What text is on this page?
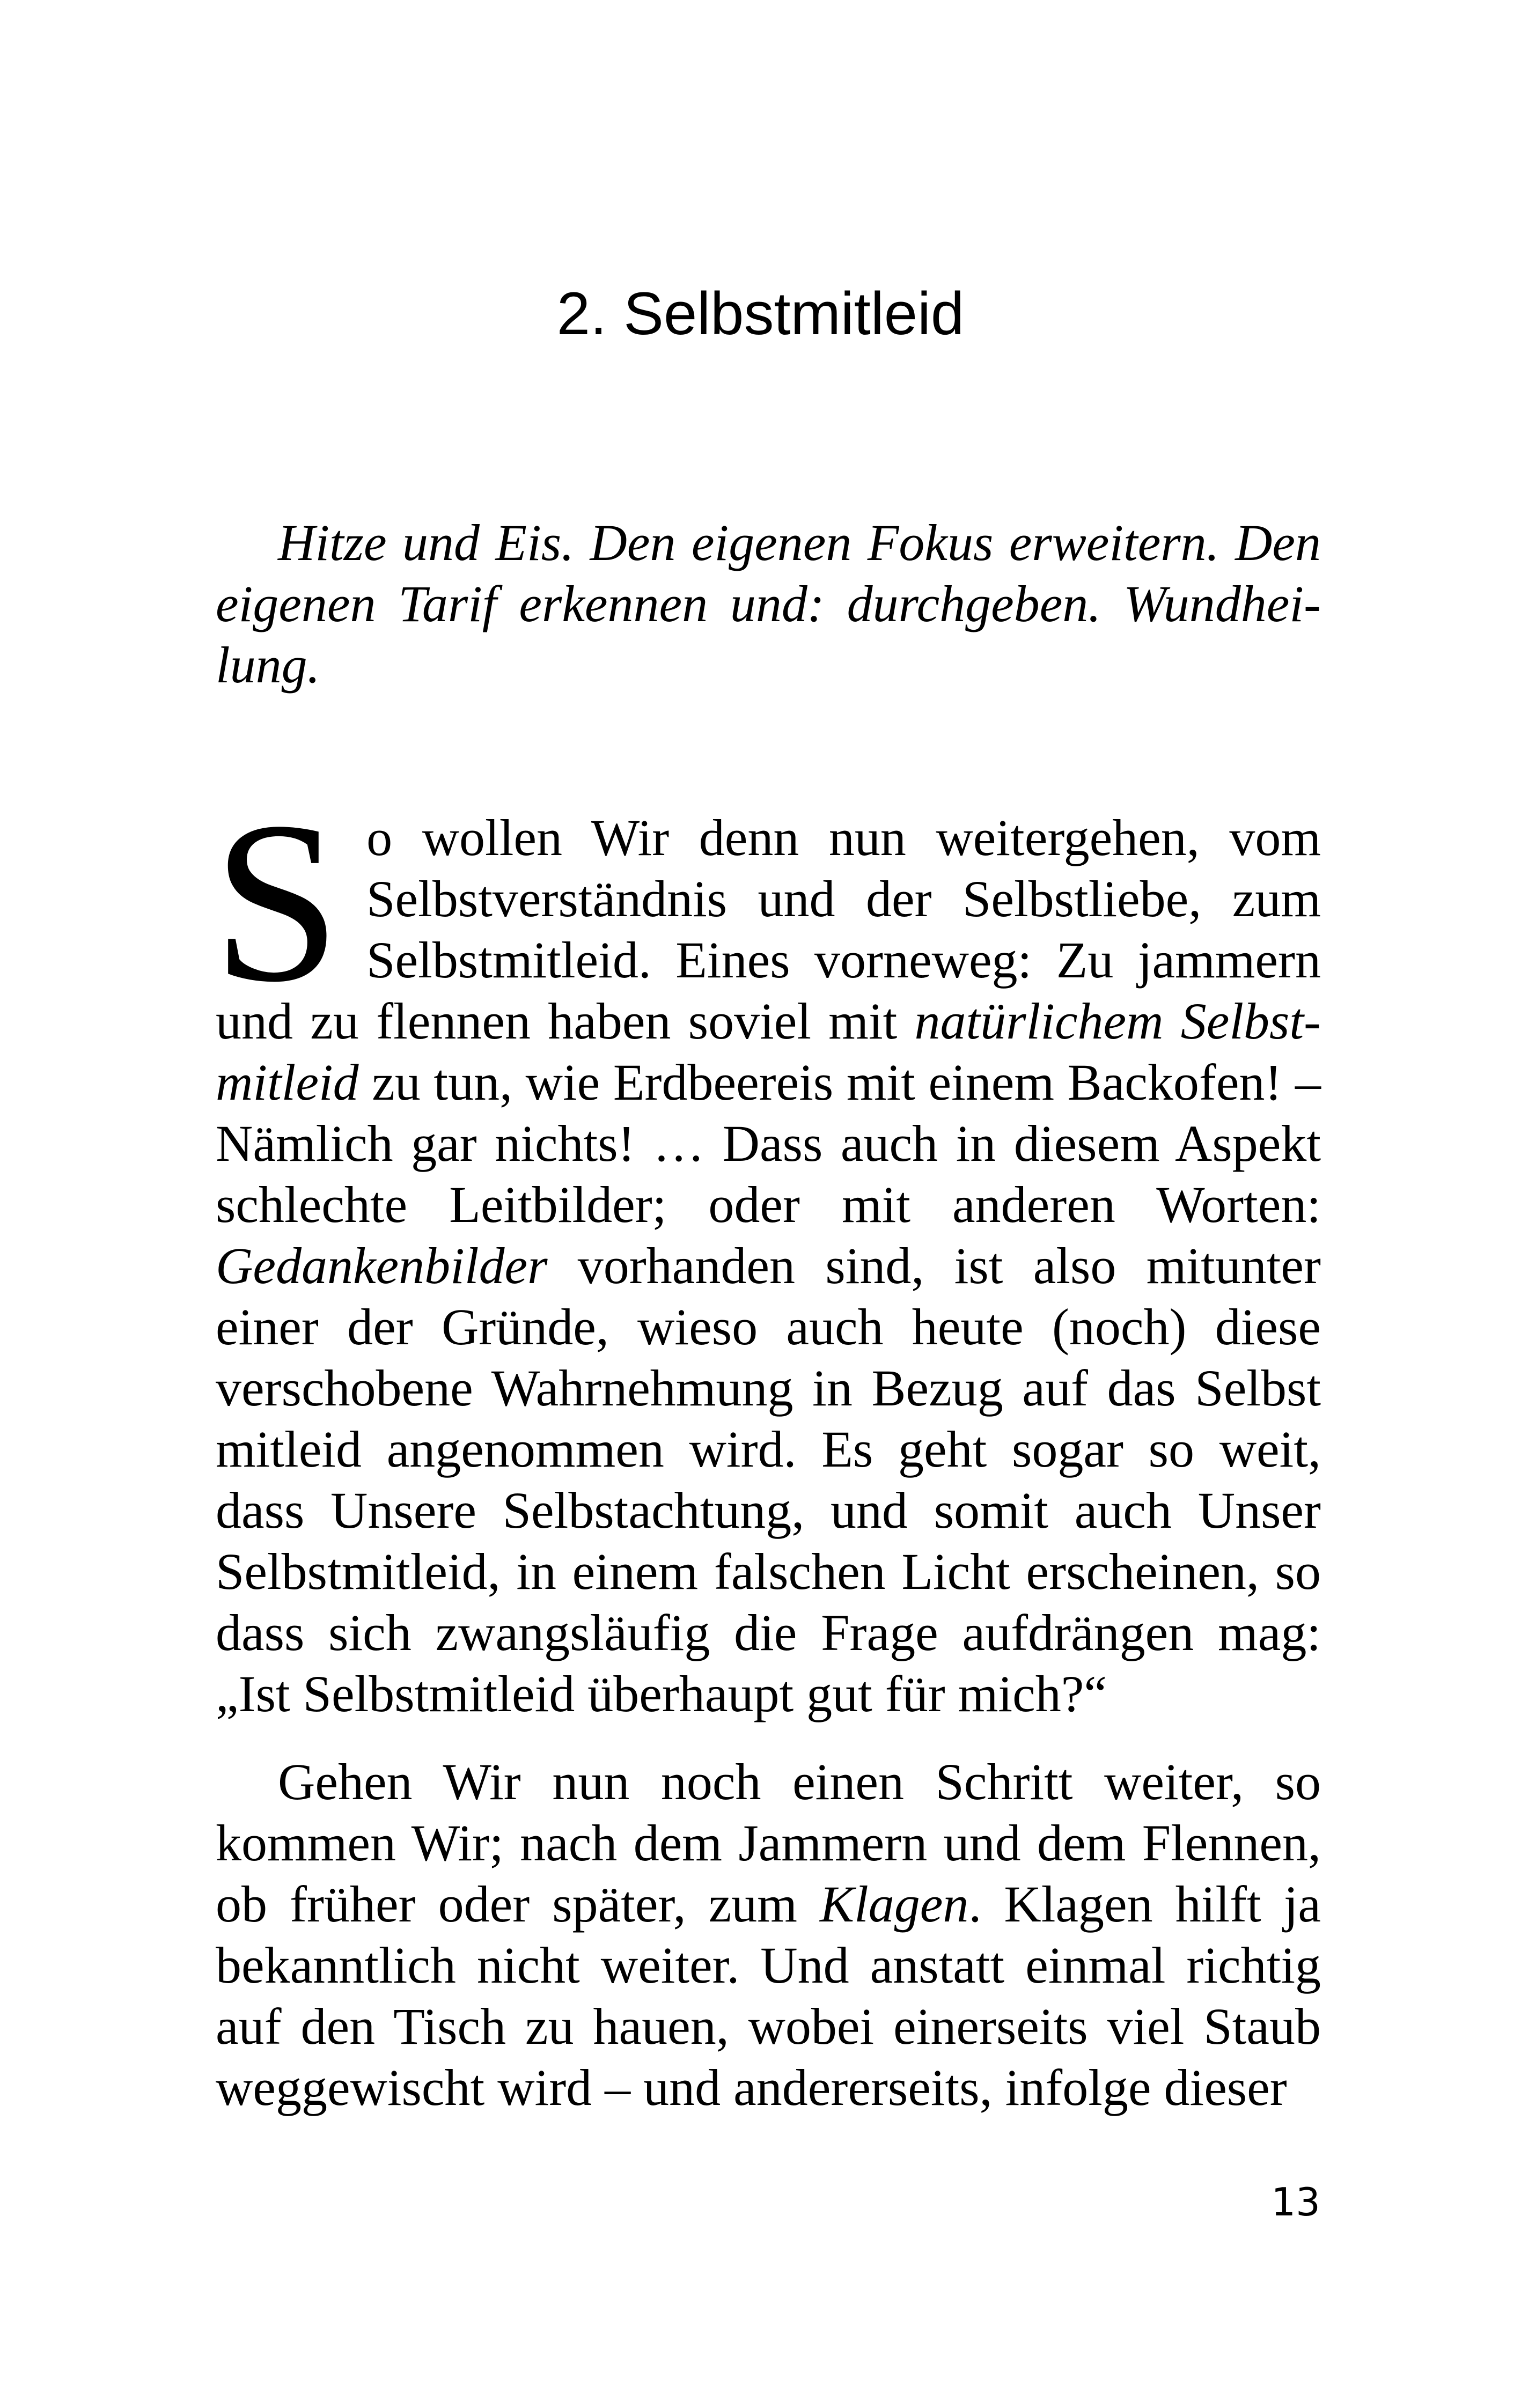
2. Selbstmitleid
Hitze und Eis. Den eigenen Fokus erweitern. Den eigenen Tarif erkennen und: durchgeben. Wundheilung.

So wollen Wir denn nun weitergehen, vom Selbstverständnis und der Selbstliebe, zum Selbstmitleid. Eines vorneweg: Zu jammern und zu flennen haben soviel mit natürlichem Selbstmitleid zu tun, wie Erdbeereis mit einem Backofen! – Nämlich gar nichts! … Dass auch in diesem Aspekt schlechte Leitbilder; oder mit anderen Worten: Gedankenbilder vorhanden sind, ist also mitunter einer der Gründe, wieso auch heute (noch) diese verschobene Wahrnehmung in Bezug auf das Selbst mitleid angenommen wird. Es geht sogar so weit, dass Unsere Selbstachtung, und somit auch Unser Selbstmitleid, in einem falschen Licht erscheinen, so dass sich zwangsläufig die Frage aufdrängen mag: „Ist Selbstmitleid überhaupt gut für mich?“

Gehen Wir nun noch einen Schritt weiter, so kommen Wir; nach dem Jammern und dem Flennen, ob früher oder später, zum Klagen. Klagen hilft ja bekanntlich nicht weiter. Und anstatt einmal richtig auf den Tisch zu hauen, wobei einerseits viel Staub weggewischt wird – und andererseits, infolge dieser

13
